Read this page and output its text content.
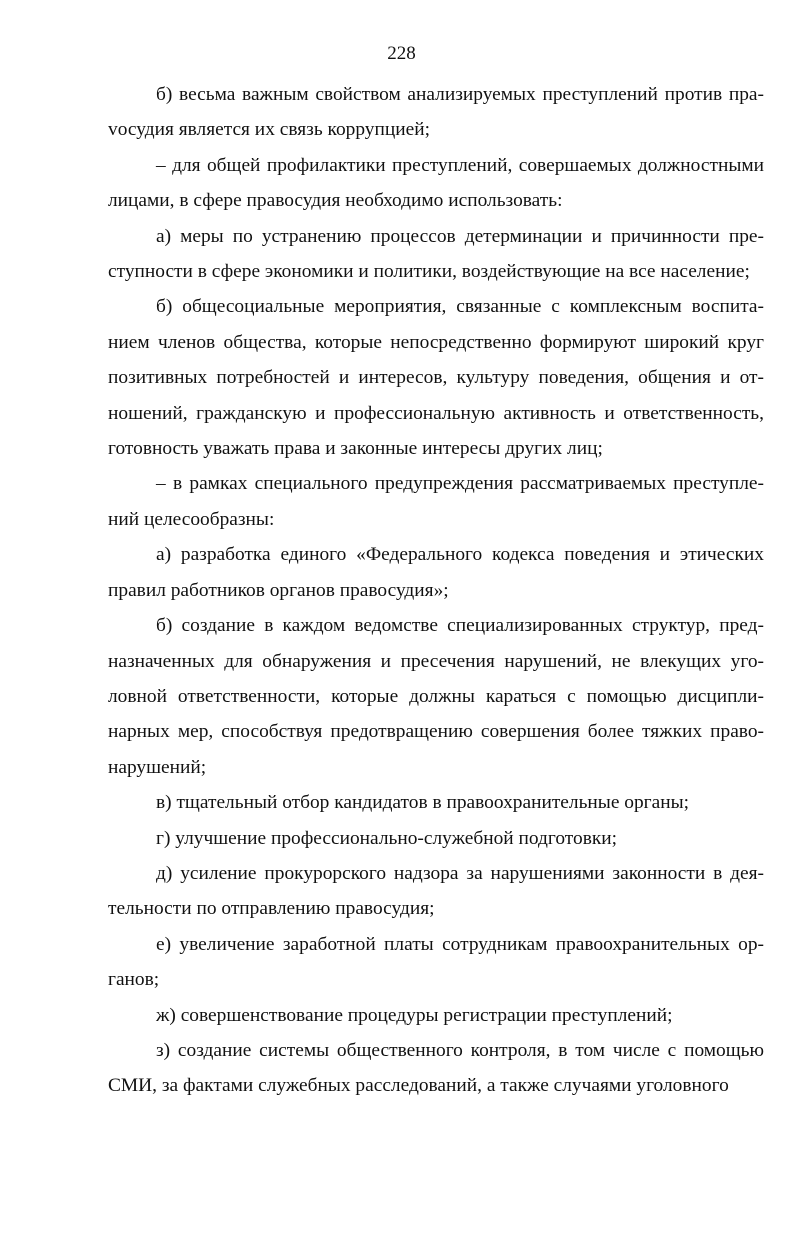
228

б) весьма важным свойством анализируемых преступлений против праvосудия является их связь коррупцией;

– для общей профилактики преступлений, совершаемых должностными лицами, в сфере правосудия необходимо использовать:

а) меры по устранению процессов детерминации и причинности преступности в сфере экономики и политики, воздействующие на все население;

б) общесоциальные мероприятия, связанные с комплексным воспитанием членов общества, которые непосредственно формируют широкий круг позитивных потребностей и интересов, культуру поведения, общения и отношений, гражданскую и профессиональную активность и ответственность, готовность уважать права и законные интересы других лиц;

– в рамках специального предупреждения рассматриваемых преступлений целесообразны:

а) разработка единого «Федерального кодекса поведения и этических правил работников органов правосудия»;

б) создание в каждом ведомстве специализированных структур, предназначенных для обнаружения и пресечения нарушений, не влекущих уголовной ответственности, которые должны караться с помощью дисциплинарных мер, способствуя предотвращению совершения более тяжких правонарушений;

в) тщательный отбор кандидатов в правоохранительные органы;

г) улучшение профессионально-служебной подготовки;

д) усиление прокурорского надзора за нарушениями законности в деятельности по отправлению правосудия;

е) увеличение заработной платы сотрудникам правоохранительных органов;

ж) совершенствование процедуры регистрации преступлений;

з) создание системы общественного контроля, в том числе с помощью СМИ, за фактами служебных расследований, а также случаями уголовного
